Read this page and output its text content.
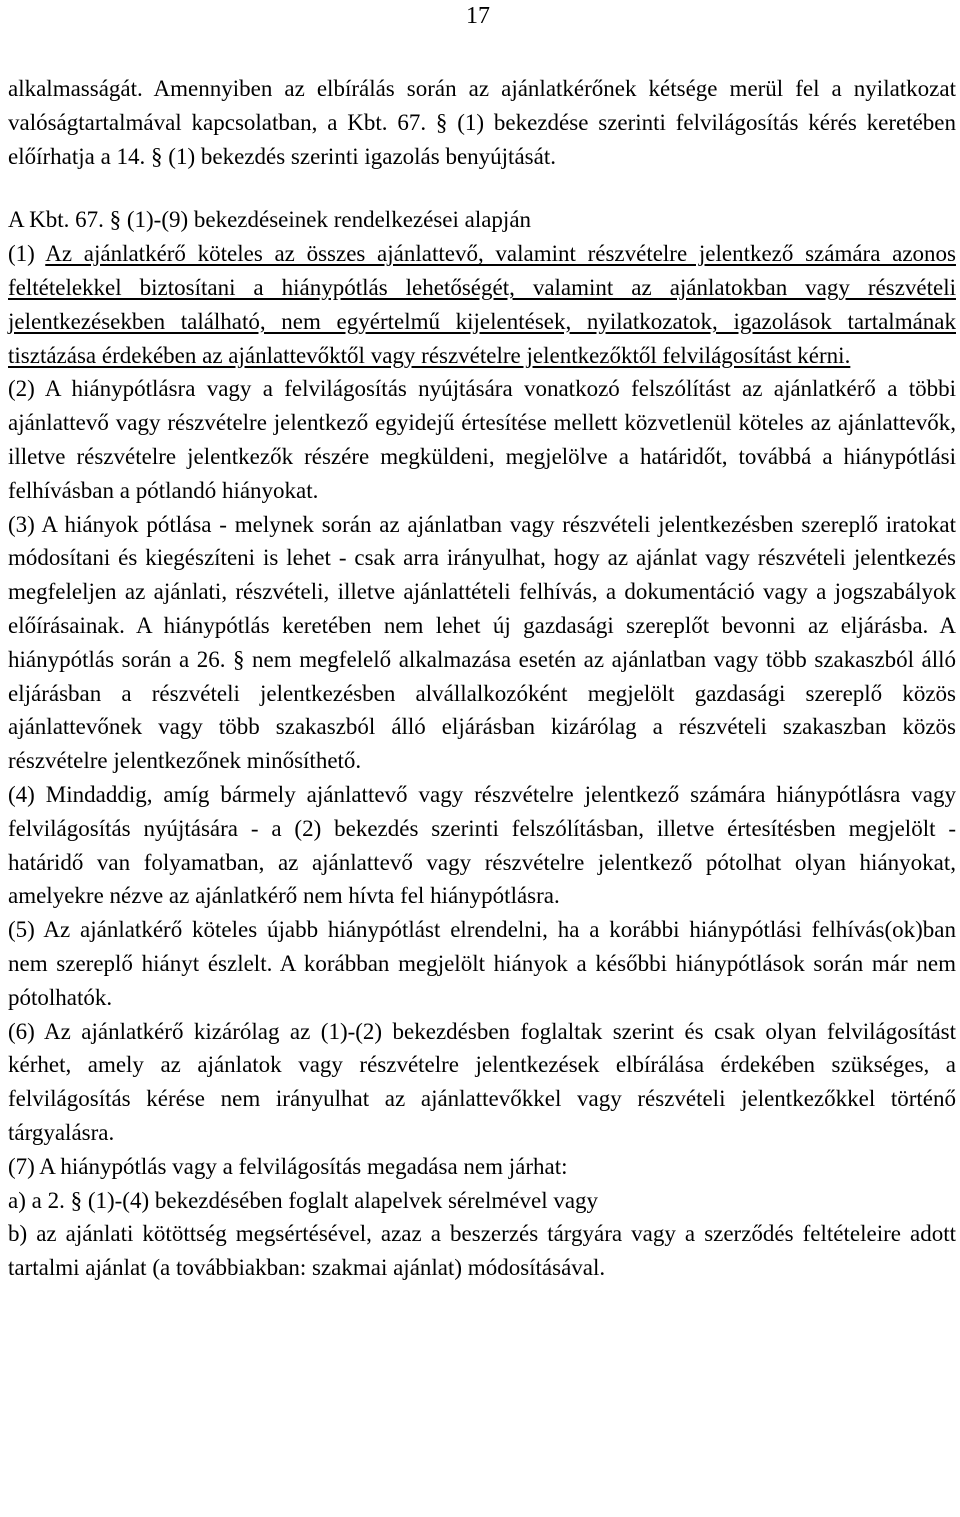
17

alkalmasságát. Amennyiben az elbírálás során az ajánlatkérőnek kétsége merül fel a nyilatkozat valóságtartalmával kapcsolatban, a Kbt. 67. § (1) bekezdése szerinti felvilágosítás kérés keretében előírhatja a 14. § (1) bekezdés szerinti igazolás benyújtását.

A Kbt. 67. § (1)-(9) bekezdéseinek rendelkezései alapján

(1) Az ajánlatkérő köteles az összes ajánlattevő, valamint részvételre jelentkező számára azonos feltételekkel biztosítani a hiánypótlás lehetőségét, valamint az ajánlatokban vagy részvételi jelentkezésekben található, nem egyértelmű kijelentések, nyilatkozatok, igazolások tartalmának tisztázása érdekében az ajánlattevőktől vagy részvételre jelentkezőktől felvilágosítást kérni.

(2) A hiánypótlásra vagy a felvilágosítás nyújtására vonatkozó felszólítást az ajánlatkérő a többi ajánlattevő vagy részvételre jelentkező egyidejű értesítése mellett közvetlenül köteles az ajánlattevők, illetve részvételre jelentkezők részére megküldeni, megjelölve a határidőt, továbbá a hiánypótlási felhívásban a pótlandó hiányokat.

(3) A hiányok pótlása - melynek során az ajánlatban vagy részvételi jelentkezésben szereplő iratokat módosítani és kiegészíteni is lehet - csak arra irányulhat, hogy az ajánlat vagy részvételi jelentkezés megfeleljen az ajánlati, részvételi, illetve ajánlattételi felhívás, a dokumentáció vagy a jogszabályok előírásainak. A hiánypótlás keretében nem lehet új gazdasági szereplőt bevonni az eljárásba. A hiánypótlás során a 26. § nem megfelelő alkalmazása esetén az ajánlatban vagy több szakaszból álló eljárásban a részvételi jelentkezésben alvállalkozóként megjelölt gazdasági szereplő közös ajánlattevőnek vagy több szakaszból álló eljárásban kizárólag a részvételi szakaszban közös részvételre jelentkezőnek minősíthető.

(4) Mindaddig, amíg bármely ajánlattevő vagy részvételre jelentkező számára hiánypótlásra vagy felvilágosítás nyújtására - a (2) bekezdés szerinti felszólításban, illetve értesítésben megjelölt - határidő van folyamatban, az ajánlattevő vagy részvételre jelentkező pótolhat olyan hiányokat, amelyekre nézve az ajánlatkérő nem hívta fel hiánypótlásra.

(5) Az ajánlatkérő köteles újabb hiánypótlást elrendelni, ha a korábbi hiánypótlási felhívás(ok)ban nem szereplő hiányt észlelt. A korábban megjelölt hiányok a későbbi hiánypótlások során már nem pótolhatók.

(6) Az ajánlatkérő kizárólag az (1)-(2) bekezdésben foglaltak szerint és csak olyan felvilágosítást kérhet, amely az ajánlatok vagy részvételre jelentkezések elbírálása érdekében szükséges, a felvilágosítás kérése nem irányulhat az ajánlattevőkkel vagy részvételi jelentkezőkkel történő tárgyalásra.

(7) A hiánypótlás vagy a felvilágosítás megadása nem járhat:

a) a 2. § (1)-(4) bekezdésében foglalt alapelvek sérelmével vagy

b) az ajánlati kötöttség megsértésével, azaz a beszerzés tárgyára vagy a szerződés feltételeire adott tartalmi ajánlat (a továbbiakban: szakmai ajánlat) módosításával.
